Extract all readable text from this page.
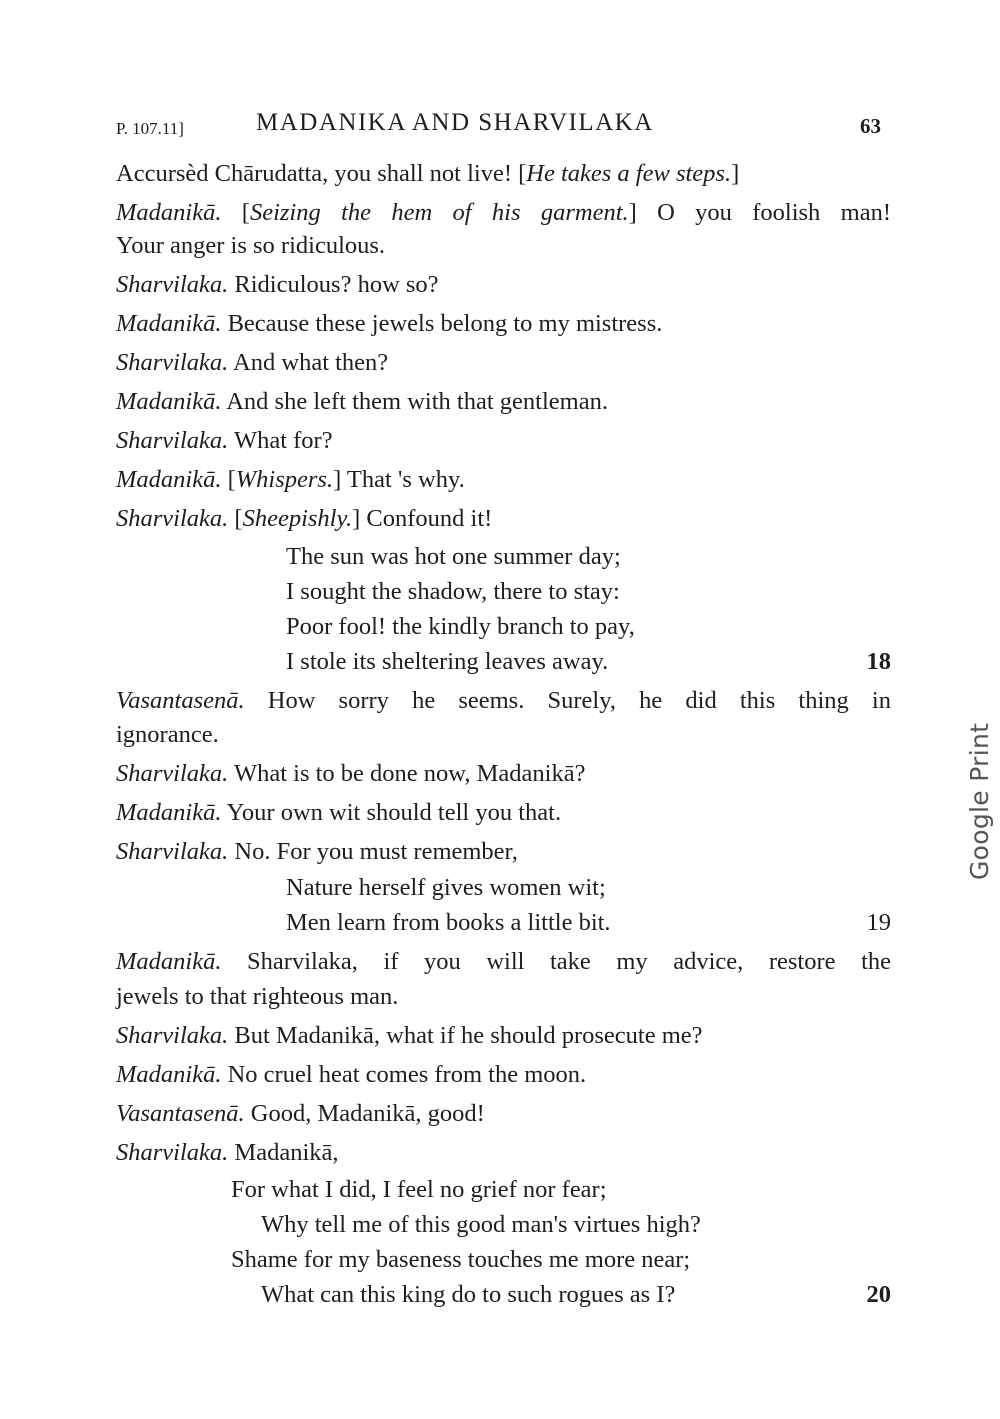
P. 107.11]	MADANIKA AND SHARVILAKA	63
Accursèd Chārudatta, you shall not live! [He takes a few steps.]
Madanikā. [Seizing the hem of his garment.] O you foolish man!
Your anger is so ridiculous.
Sharvilaka. Ridiculous? how so?
Madanikā. Because these jewels belong to my mistress.
Sharvilaka. And what then?
Madanikā. And she left them with that gentleman.
Sharvilaka. What for?
Madanikā. [Whispers.] That 's why.
Sharvilaka. [Sheepishly.] Confound it!
The sun was hot one summer day;
I sought the shadow, there to stay:
Poor fool! the kindly branch to pay,
I stole its sheltering leaves away.	18
Vasantasenā. How sorry he seems. Surely, he did this thing in
ignorance.
Sharvilaka. What is to be done now, Madanikā?
Madanikā. Your own wit should tell you that.
Sharvilaka. No. For you must remember,
Nature herself gives women wit;
Men learn from books a little bit.	19
Madanikā. Sharvilaka, if you will take my advice, restore the
jewels to that righteous man.
Sharvilaka. But Madanikā, what if he should prosecute me?
Madanikā. No cruel heat comes from the moon.
Vasantasenā. Good, Madanikā, good!
Sharvilaka. Madanikā,
For what I did, I feel no grief nor fear;
Why tell me of this good man's virtues high?
Shame for my baseness touches me more near;
What can this king do to such rogues as I?	20
Google Print
